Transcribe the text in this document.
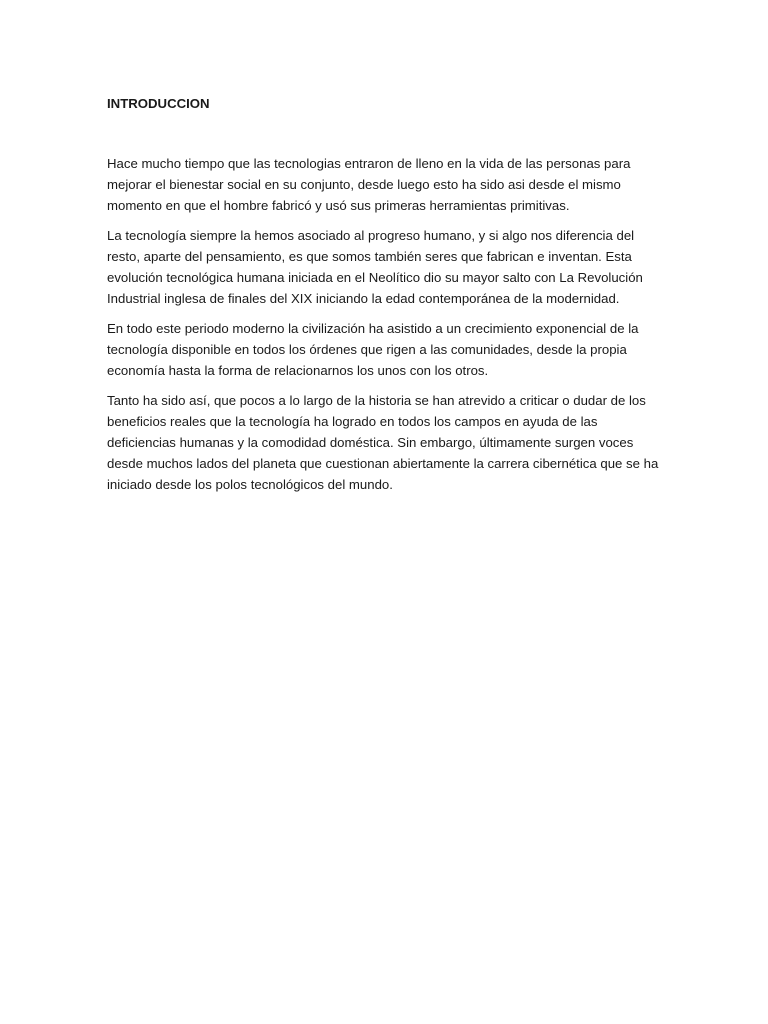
INTRODUCCION

Hace mucho tiempo que las tecnologias entraron de lleno en la vida de las personas para mejorar el bienestar social en su conjunto, desde luego esto ha sido asi desde el mismo momento en que el hombre fabricó y usó sus primeras herramientas primitivas.

La tecnología siempre la hemos asociado al progreso humano, y si algo nos diferencia del resto, aparte del pensamiento, es que somos también seres que fabrican e inventan. Esta evolución tecnológica humana iniciada en el Neolítico dio su mayor salto con La Revolución Industrial inglesa de finales del XIX iniciando la edad contemporánea de la modernidad.

En todo este periodo moderno la civilización ha asistido a un crecimiento exponencial de la tecnología disponible en todos los órdenes que rigen a las comunidades, desde la propia economía hasta la forma de relacionarnos los unos con los otros.

Tanto ha sido así, que pocos a lo largo de la historia se han atrevido a criticar o dudar de los beneficios reales que la tecnología ha logrado en todos los campos en ayuda de las deficiencias humanas y la comodidad doméstica. Sin embargo, últimamente surgen voces desde muchos lados del planeta que cuestionan abiertamente la carrera cibernética que se ha iniciado desde los polos tecnológicos del mundo.
